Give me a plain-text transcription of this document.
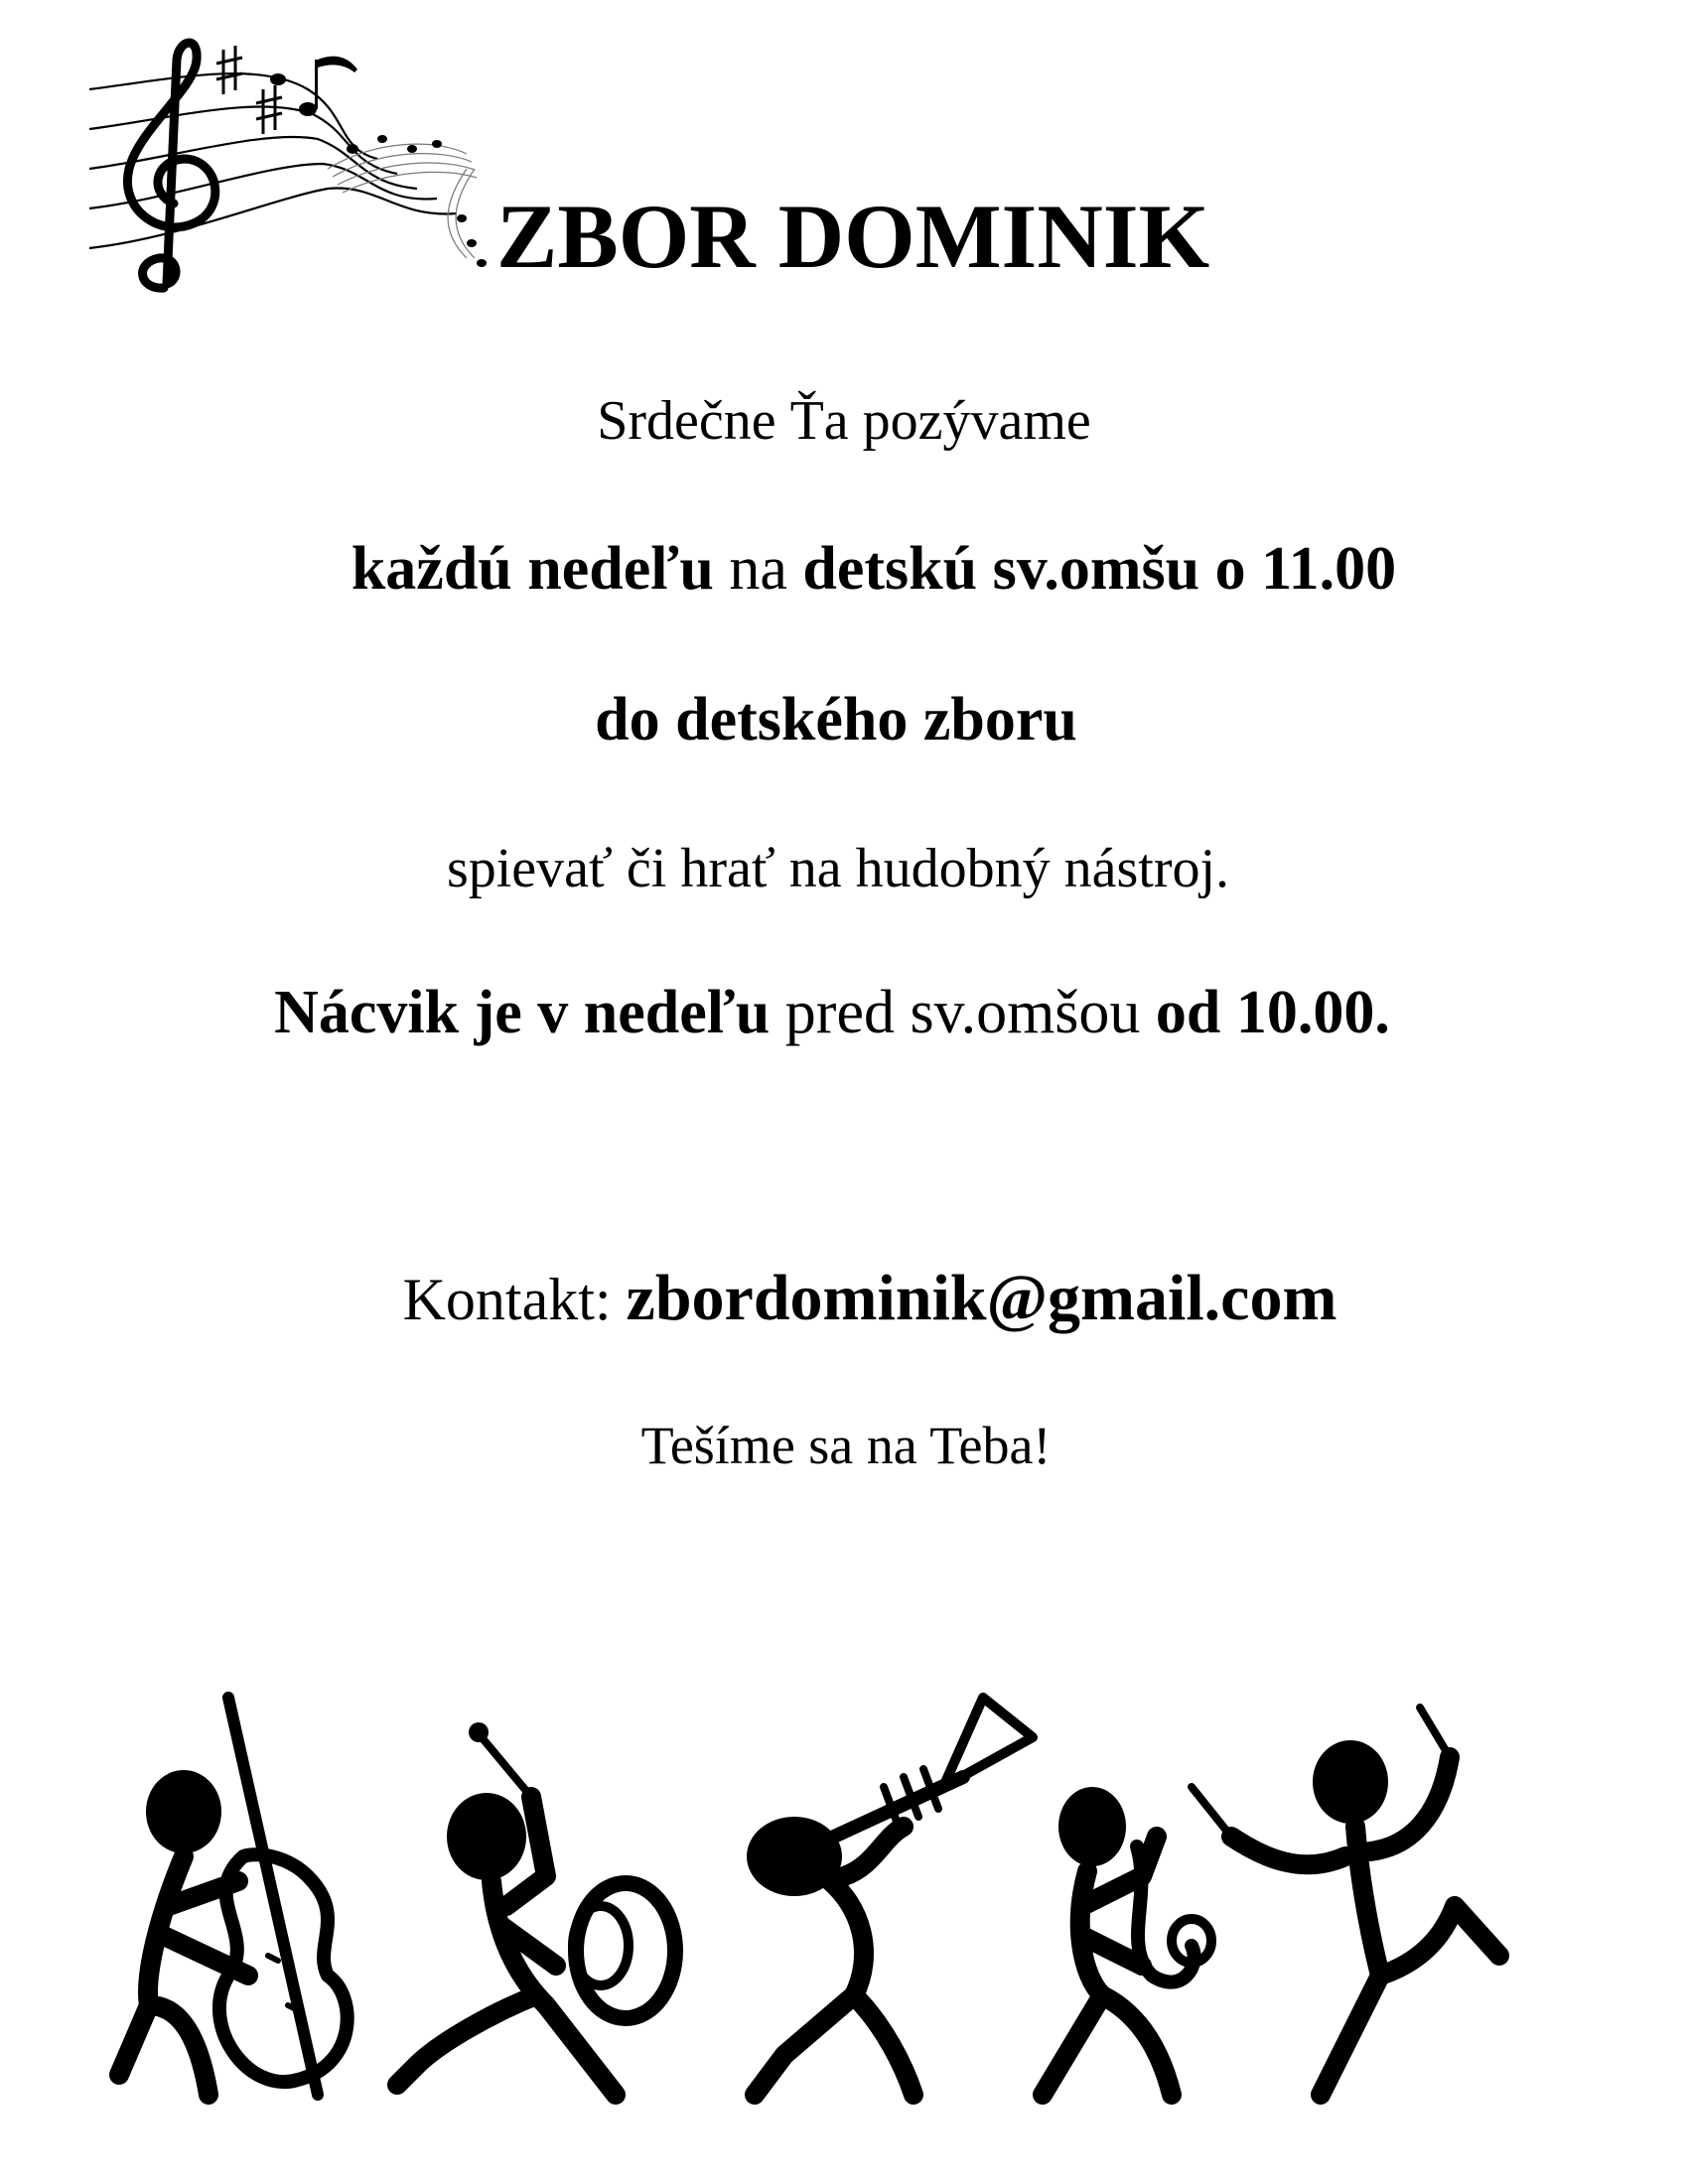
ZBOR DOMINIK
Srdečne Ťa pozývame
každú nedeľu na detskú sv.omšu o 11.00
do detského zboru
spievať či hrať na hudobný nástroj.
Nácvik je v nedeľu pred sv.omšou od 10.00.
Kontakt: zbordominik@gmail.com
Tešíme sa na Teba!
